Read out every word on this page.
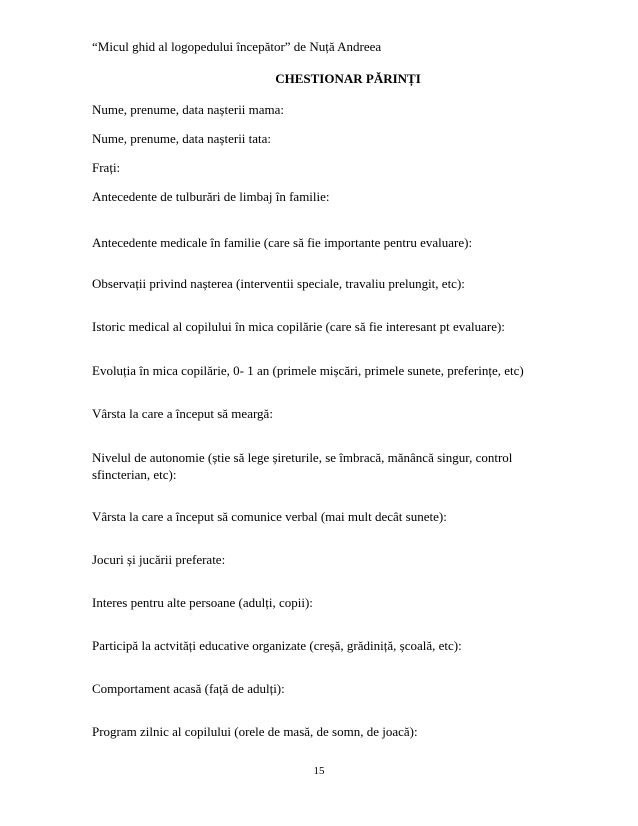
“Micul ghid al logopedului începător” de Nuță Andreea
CHESTIONAR PĂRINȚI
Nume, prenume, data nașterii mama:
Nume, prenume, data nașterii tata:
Frați:
Antecedente de tulburări de limbaj în familie:
Antecedente medicale în familie (care să fie importante pentru evaluare):
Observații privind nașterea (interventii speciale, travaliu prelungit, etc):
Istoric medical al copilului în mica copilărie (care să fie interesant pt evaluare):
Evoluția în mica copilărie, 0- 1 an (primele mișcări, primele sunete, preferințe, etc)
Vârsta la care a început să meargă:
Nivelul de autonomie (știe să lege șireturile, se îmbracă, mănâncă singur, control sfincterian, etc):
Vârsta la care a început să comunice verbal (mai mult decât sunete):
Jocuri și jucării preferate:
Interes pentru alte persoane (adulți, copii):
Participă la actvități educative organizate (creșă, grădiniță, școală, etc):
Comportament acasă (față de adulți):
Program zilnic al copilului (orele de masă, de somn, de joacă):
15
